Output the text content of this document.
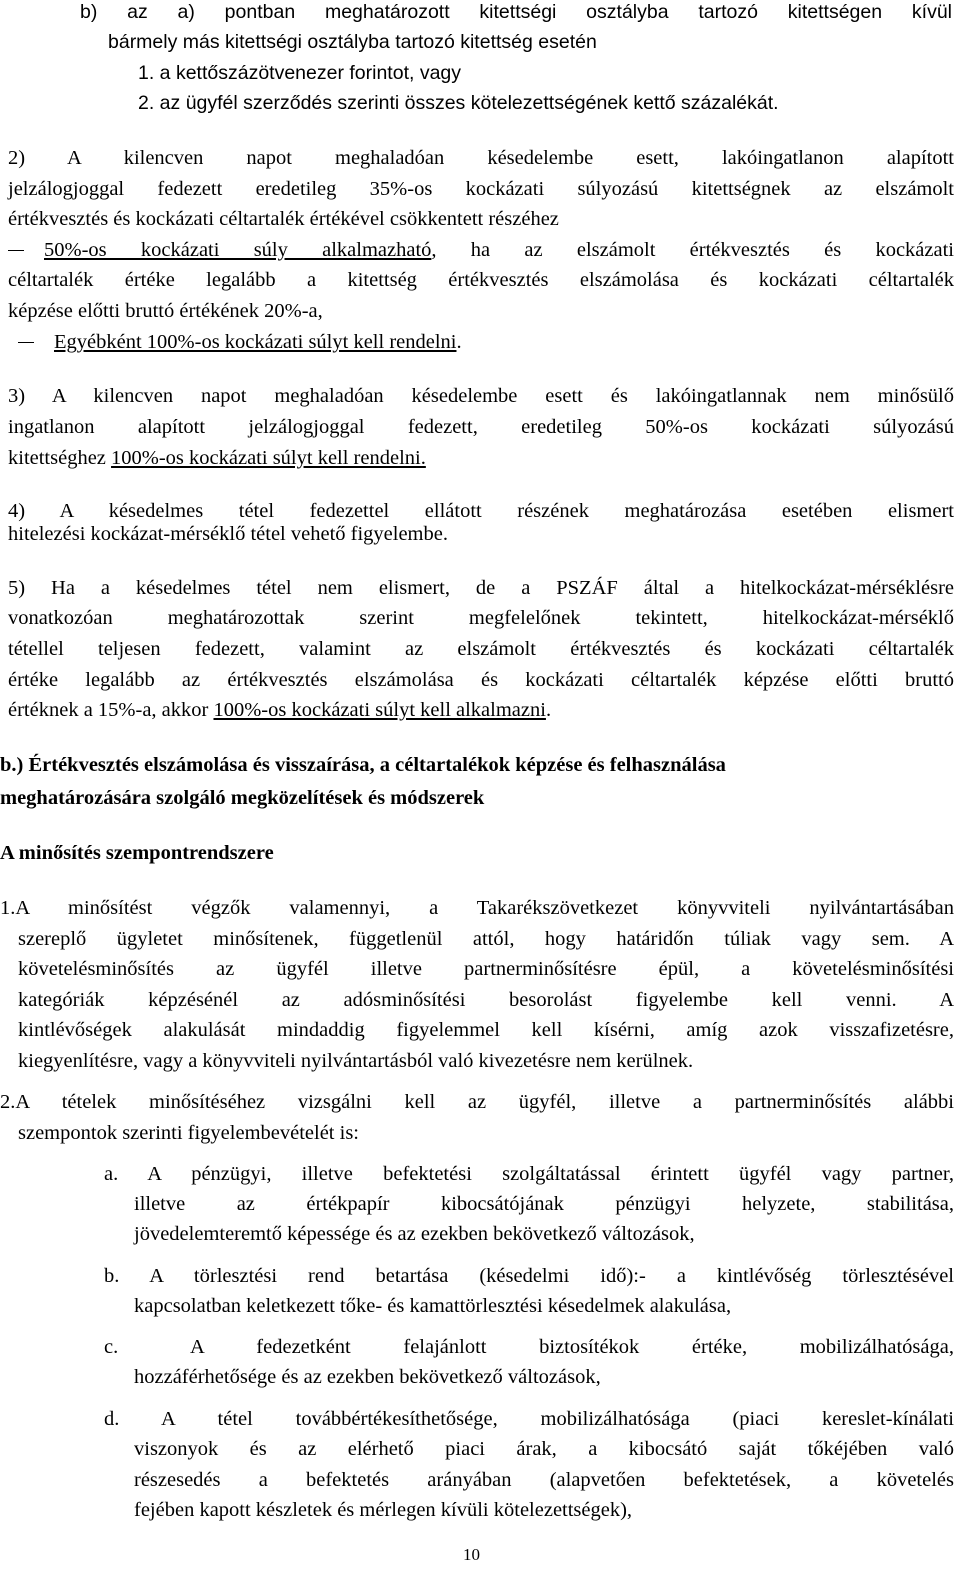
b) az a) pontban meghatározott kitettségi osztályba tartozó kitettségen kívül
bármely más kitettségi osztályba tartozó kitettség esetén
1. a kettőszázötvenezer forintot, vagy
2. az ügyfél szerződés szerinti összes kötelezettségének kettő százalékát.
2) A kilencven napot meghaladóan késedelembe esett, lakóingatlanon alapított
jelzálogjoggal fedezett eredetileg 35%-os kockázati súlyozású kitettségnek az elszámolt
értékvesztés és kockázati céltartalék értékével csökkentett részéhez
50%-os kockázati súly alkalmazható, ha az elszámolt értékvesztés és kockázati
céltartalék értéke legalább a kitettség értékvesztés elszámolása és kockázati céltartalék
képzése előtti bruttó értékének 20%-a,
Egyébként 100%-os kockázati súlyt kell rendelni.
3) A kilencven napot meghaladóan késedelembe esett és lakóingatlannak nem minősülő
ingatlanon alapított jelzálogjoggal fedezett, eredetileg 50%-os kockázati súlyozású
kitettséghez 100%-os kockázati súlyt kell rendelni.
4) A késedelmes tétel fedezettel ellátott részének meghatározása esetében elismert
hitelezési kockázat-mérséklő tétel vehető figyelembe.
5) Ha a késedelmes tétel nem elismert, de a PSZÁF által a hitelkockázat-mérséklésre
vonatkozóan meghatározottak szerint megfelelőnek tekintett, hitelkockázat-mérséklő
tétellel teljesen fedezett, valamint az elszámolt értékvesztés és kockázati céltartalék
értéke legalább az értékvesztés elszámolása és kockázati céltartalék képzése előtti bruttó
értéknek a 15%-a, akkor 100%-os kockázati súlyt kell alkalmazni.
b.) Értékvesztés elszámolása és visszaírása, a céltartalékok képzése és felhasználása
meghatározására szolgáló megközelítések és módszerek
A minősítés szempontrendszere
1.A minősítést végzők valamennyi, a Takarékszövetkezet könyvviteli nyilvántartásában
szereplő ügyletet minősítenek, függetlenül attól, hogy határidőn túliak vagy sem. A
követelésminősítés az ügyfél illetve partnerminősítésre épül, a követelésminősítési
kategóriák képzésénél az adósminősítési besorolást figyelembe kell venni. A
kintlévőségek alakulását mindaddig figyelemmel kell kísérni, amíg azok visszafizetésre,
kiegyenlítésre, vagy a könyvviteli nyilvántartásból való kivezetésre nem kerülnek.
2.A tételek minősítéséhez vizsgálni kell az ügyfél, illetve a partnerminősítés alábbi
szempontok szerinti figyelembevételét is:
a. A pénzügyi, illetve befektetési szolgáltatással érintett ügyfél vagy partner,
illetve az értékpapír kibocsátójának pénzügyi helyzete, stabilitása,
jövedelemteremtő képessége és az ezekben bekövetkező változások,
b. A törlesztési rend betartása (késedelmi idő):- a kintlévőség törlesztésével
kapcsolatban keletkezett tőke- és kamattörlesztési késedelmek alakulása,
c.	A fedezetként felajánlott biztosítékok értéke, mobilizálhatósága,
hozzáférhetősége és az ezekben bekövetkező változások,
d. A tétel továbbértékesíthetősége, mobilizálhatósága (piaci kereslet-kínálati
viszonyok és az elérhető piaci árak, a kibocsátó saját tőkéjében való
részesedés a befektetés arányában (alapvetően befektetések, a követelés
fejében kapott készletek és mérlegen kívüli kötelezettségek),
10
